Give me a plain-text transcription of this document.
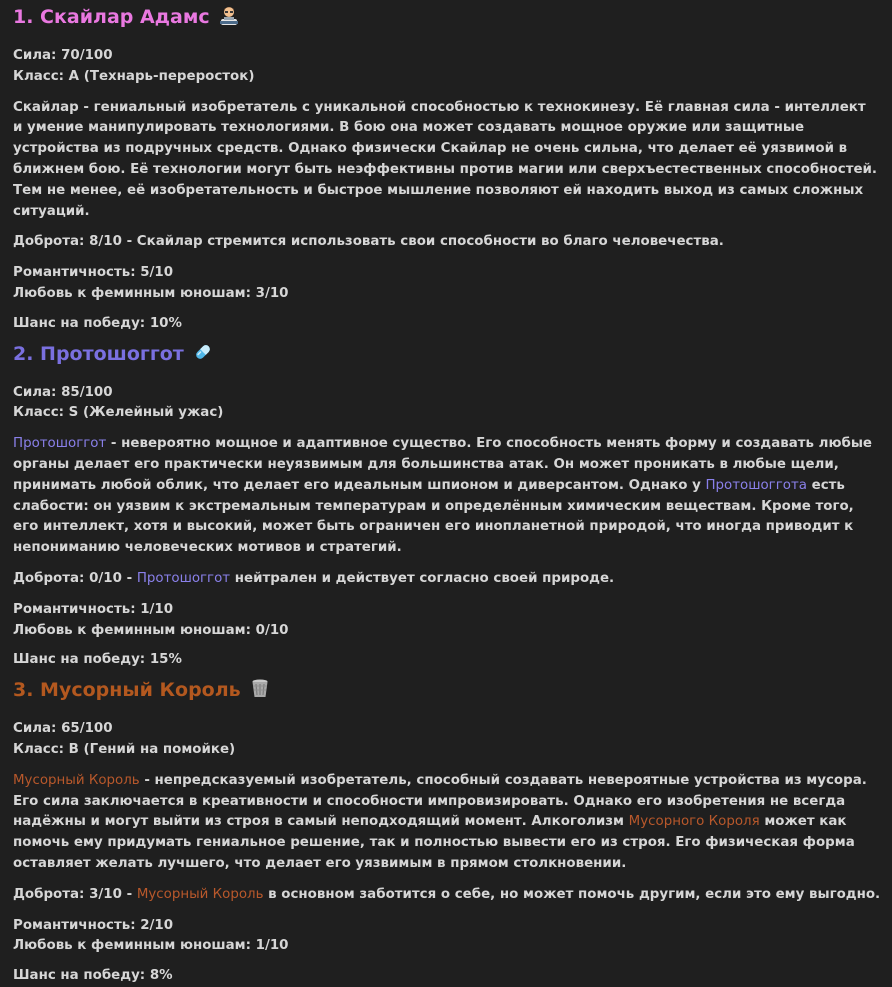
1. Скайлар Адамс
Сила: 70/100
Класс: A (Технарь-переросток)

Скайлар - гениальный изобретатель с уникальной способностью к технокинезу. Её главная сила - интеллект и умение манипулировать технологиями. В бою она может создавать мощное оружие или защитные устройства из подручных средств. Однако физически Скайлар не очень сильна, что делает её уязвимой в ближнем бою. Её технологии могут быть неэффективны против магии или сверхъестественных способностей. Тем не менее, её изобретательность и быстрое мышление позволяют ей находить выход из самых сложных ситуаций.

Доброта: 8/10 - Скайлар стремится использовать свои способности во благо человечества.
Романтичность: 5/10
Любовь к феминным юношам: 3/10
Шанс на победу: 10%
2. Протошоггот
Сила: 85/100
Класс: S (Желейный ужас)

Протошоггот - невероятно мощное и адаптивное существо. Его способность менять форму и создавать любые органы делает его практически неуязвимым для большинства атак. Он может проникать в любые щели, принимать любой облик, что делает его идеальным шпионом и диверсантом. Однако у Протошоггота есть слабости: он уязвим к экстремальным температурам и определённым химическим веществам. Кроме того, его интеллект, хотя и высокий, может быть ограничен его инопланетной природой, что иногда приводит к непониманию человеческих мотивов и стратегий.

Доброта: 0/10 - Протошоггот нейтрален и действует согласно своей природе.
Романтичность: 1/10
Любовь к феминным юношам: 0/10
Шанс на победу: 15%
3. Мусорный Король
Сила: 65/100
Класс: B (Гений на помойке)

Мусорный Король - непредсказуемый изобретатель, способный создавать невероятные устройства из мусора. Его сила заключается в креативности и способности импровизировать. Однако его изобретения не всегда надёжны и могут выйти из строя в самый неподходящий момент. Алкоголизм Мусорного Короля может как помочь ему придумать гениальное решение, так и полностью вывести его из строя. Его физическая форма оставляет желать лучшего, что делает его уязвимым в прямом столкновении.

Доброта: 3/10 - Мусорный Король в основном заботится о себе, но может помочь другим, если это ему выгодно.
Романтичность: 2/10
Любовь к феминным юношам: 1/10
Шанс на победу: 8%
